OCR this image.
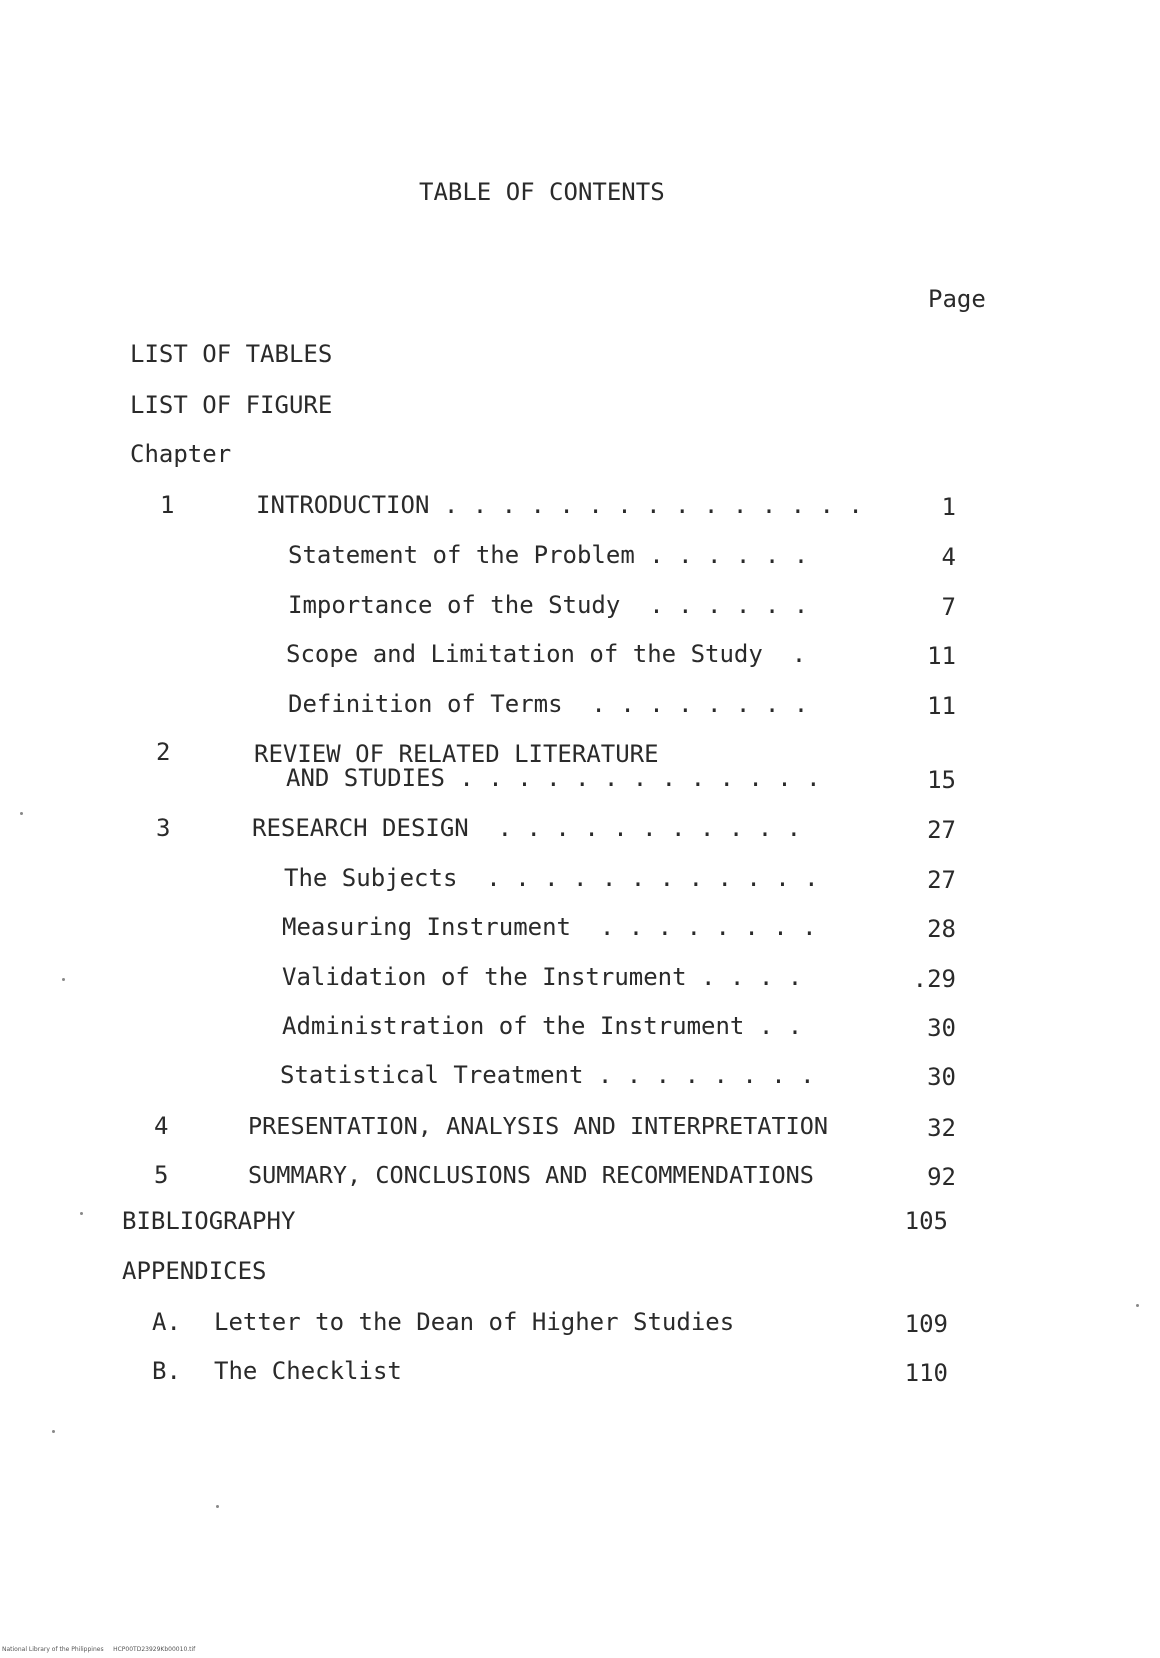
TABLE OF CONTENTS
Page
LIST OF TABLES
LIST OF FIGURE
Chapter
1	INTRODUCTION . . . . . . . . . . . . . . .	1
Statement of the Problem . . . . . .	4
Importance of the Study  . . . . . .	7
Scope and Limitation of the Study  .	11
Definition of Terms  . . . . . . . .	11
2	REVIEW OF RELATED LITERATURE
AND STUDIES . . . . . . . . . . . . .	15
3	RESEARCH DESIGN  . . . . . . . . . . .	27
The Subjects  . . . . . . . . . . . .	27
Measuring Instrument  . . . . . . . .	28
Validation of the Instrument . . . .	.29
Administration of the Instrument . .	30
Statistical Treatment . . . . . . . .	30
4	PRESENTATION, ANALYSIS AND INTERPRETATION	32
5	SUMMARY, CONCLUSIONS AND RECOMMENDATIONS	92
BIBLIOGRAPHY	105
APPENDICES
A. Letter to the Dean of Higher Studies	109
B. The Checklist	110
National Library of the Philippines     HCP00TD23929Kb00010.tif
